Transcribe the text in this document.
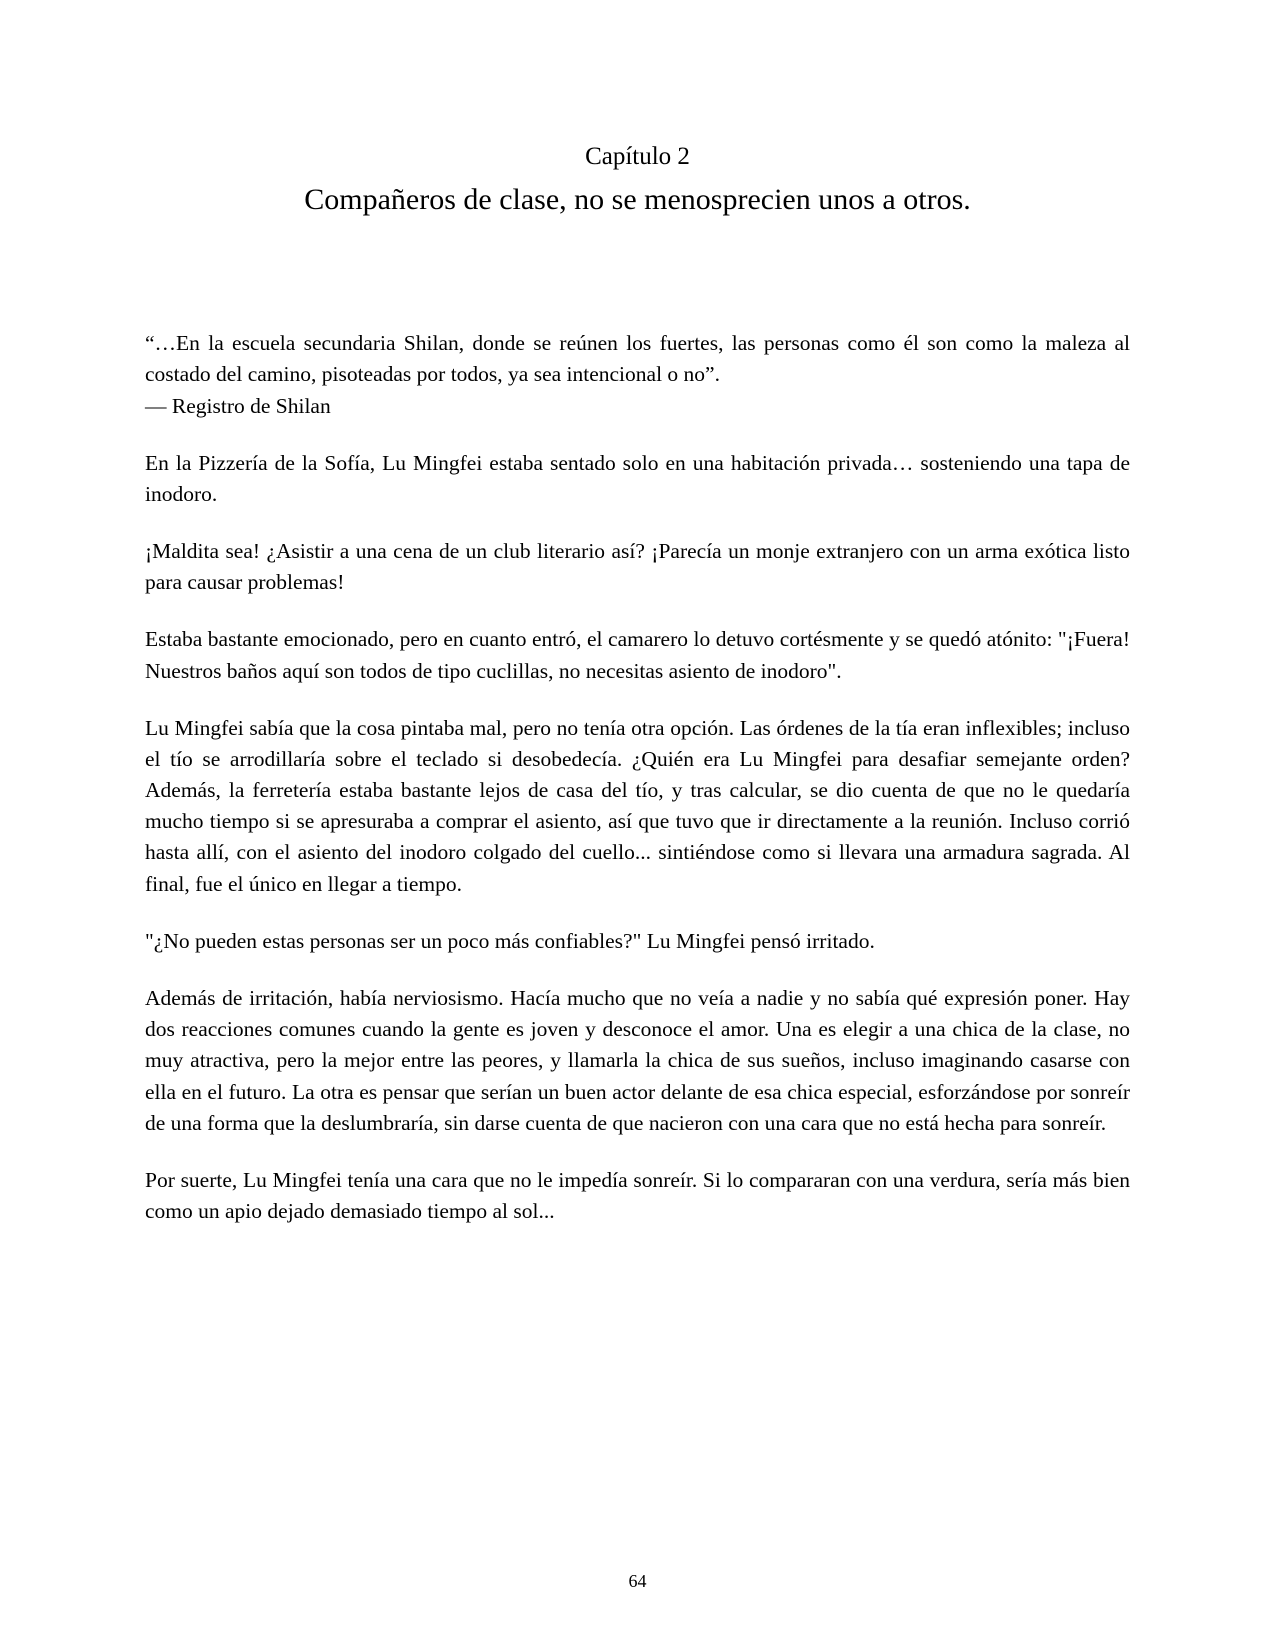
Capítulo 2
Compañeros de clase, no se menosprecien unos a otros.

“…En la escuela secundaria Shilan, donde se reúnen los fuertes, las personas como él son como la maleza al costado del camino, pisoteadas por todos, ya sea intencional o no”.

— Registro de Shilan

En la Pizzería de la Sofía, Lu Mingfei estaba sentado solo en una habitación privada… sosteniendo una tapa de inodoro.

¡Maldita sea! ¿Asistir a una cena de un club literario así? ¡Parecía un monje extranjero con un arma exótica listo para causar problemas!

Estaba bastante emocionado, pero en cuanto entró, el camarero lo detuvo cortésmente y se quedó atónito: "¡Fuera! Nuestros baños aquí son todos de tipo cuclillas, no necesitas asiento de inodoro".

Lu Mingfei sabía que la cosa pintaba mal, pero no tenía otra opción. Las órdenes de la tía eran inflexibles; incluso el tío se arrodillaría sobre el teclado si desobedecía. ¿Quién era Lu Mingfei para desafiar semejante orden? Además, la ferretería estaba bastante lejos de casa del tío, y tras calcular, se dio cuenta de que no le quedaría mucho tiempo si se apresuraba a comprar el asiento, así que tuvo que ir directamente a la reunión. Incluso corrió hasta allí, con el asiento del inodoro colgado del cuello... sintiéndose como si llevara una armadura sagrada. Al final, fue el único en llegar a tiempo.

"¿No pueden estas personas ser un poco más confiables?" Lu Mingfei pensó irritado.

Además de irritación, había nerviosismo. Hacía mucho que no veía a nadie y no sabía qué expresión poner. Hay dos reacciones comunes cuando la gente es joven y desconoce el amor. Una es elegir a una chica de la clase, no muy atractiva, pero la mejor entre las peores, y llamarla la chica de sus sueños, incluso imaginando casarse con ella en el futuro. La otra es pensar que serían un buen actor delante de esa chica especial, esforzándose por sonreír de una forma que la deslumbraría, sin darse cuenta de que nacieron con una cara que no está hecha para sonreír.

Por suerte, Lu Mingfei tenía una cara que no le impedía sonreír. Si lo compararan con una verdura, sería más bien como un apio dejado demasiado tiempo al sol...

64
